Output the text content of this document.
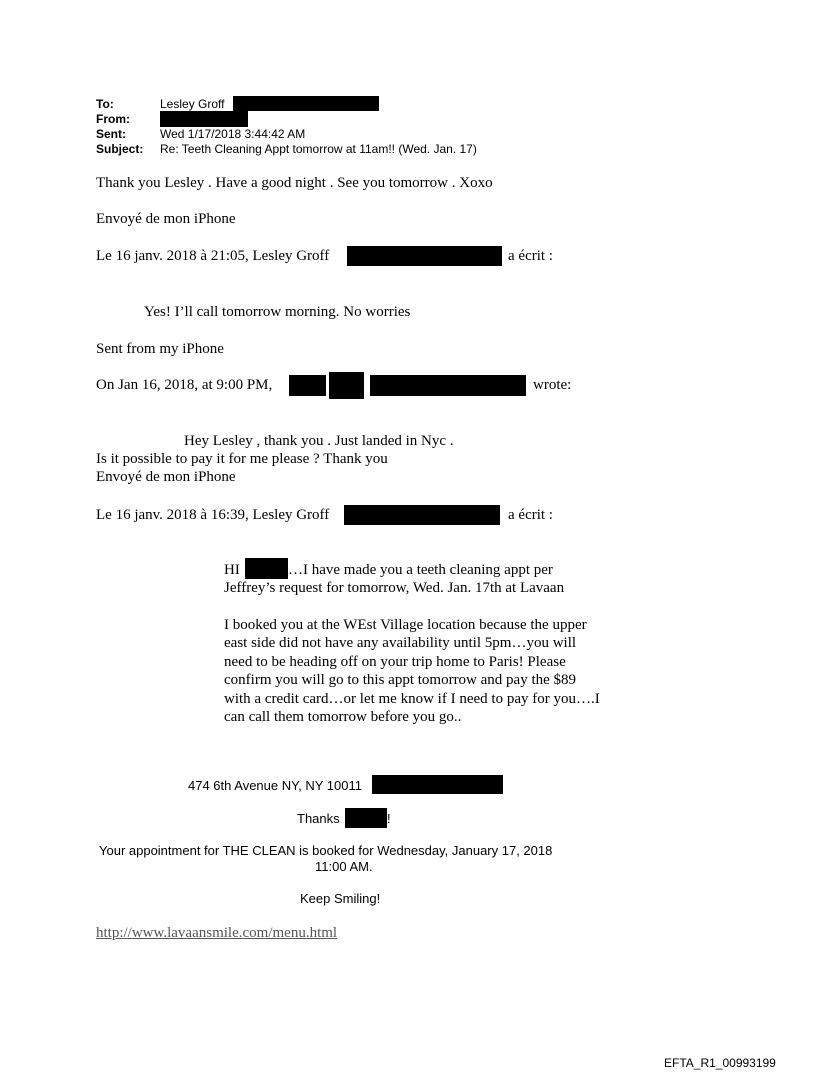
To:	Lesley Groff
From:
Sent:	Wed 1/17/2018 3:44:42 AM
Subject: Re: Teeth Cleaning Appt tomorrow at 11am!! (Wed. Jan. 17)
Thank you Lesley . Have a good night . See you tomorrow . Xoxo
Envoyé de mon iPhone
Le 16 janv. 2018 à 21:05, Lesley Groff	a écrit :
Yes! I’ll call tomorrow morning. No worries
Sent from my iPhone
On Jan 16, 2018, at 9:00 PM,	wrote:
Hey Lesley , thank you . Just landed in Nyc .
Is it possible to pay it for me please ? Thank you
Envoyé de mon iPhone
Le 16 janv. 2018 à 16:39, Lesley Groff	a écrit :
HI	…I have made you a teeth cleaning appt per Jeffrey’s request for tomorrow, Wed. Jan. 17th at Lavaan
I booked you at the WEst Village location because the upper east side did not have any availability until 5pm…you will need to be heading off on your trip home to Paris! Please confirm you will go to this appt tomorrow and pay the $89 with a credit card…or let me know if I need to pay for you….I can call them tomorrow before you go..
474 6th Avenue NY, NY 10011
Thanks	!
Your appointment for THE CLEAN is booked for Wednesday, January 17, 2018
11:00 AM.
Keep Smiling!
http://www.lavaansmile.com/menu.html
EFTA_R1_00993199
